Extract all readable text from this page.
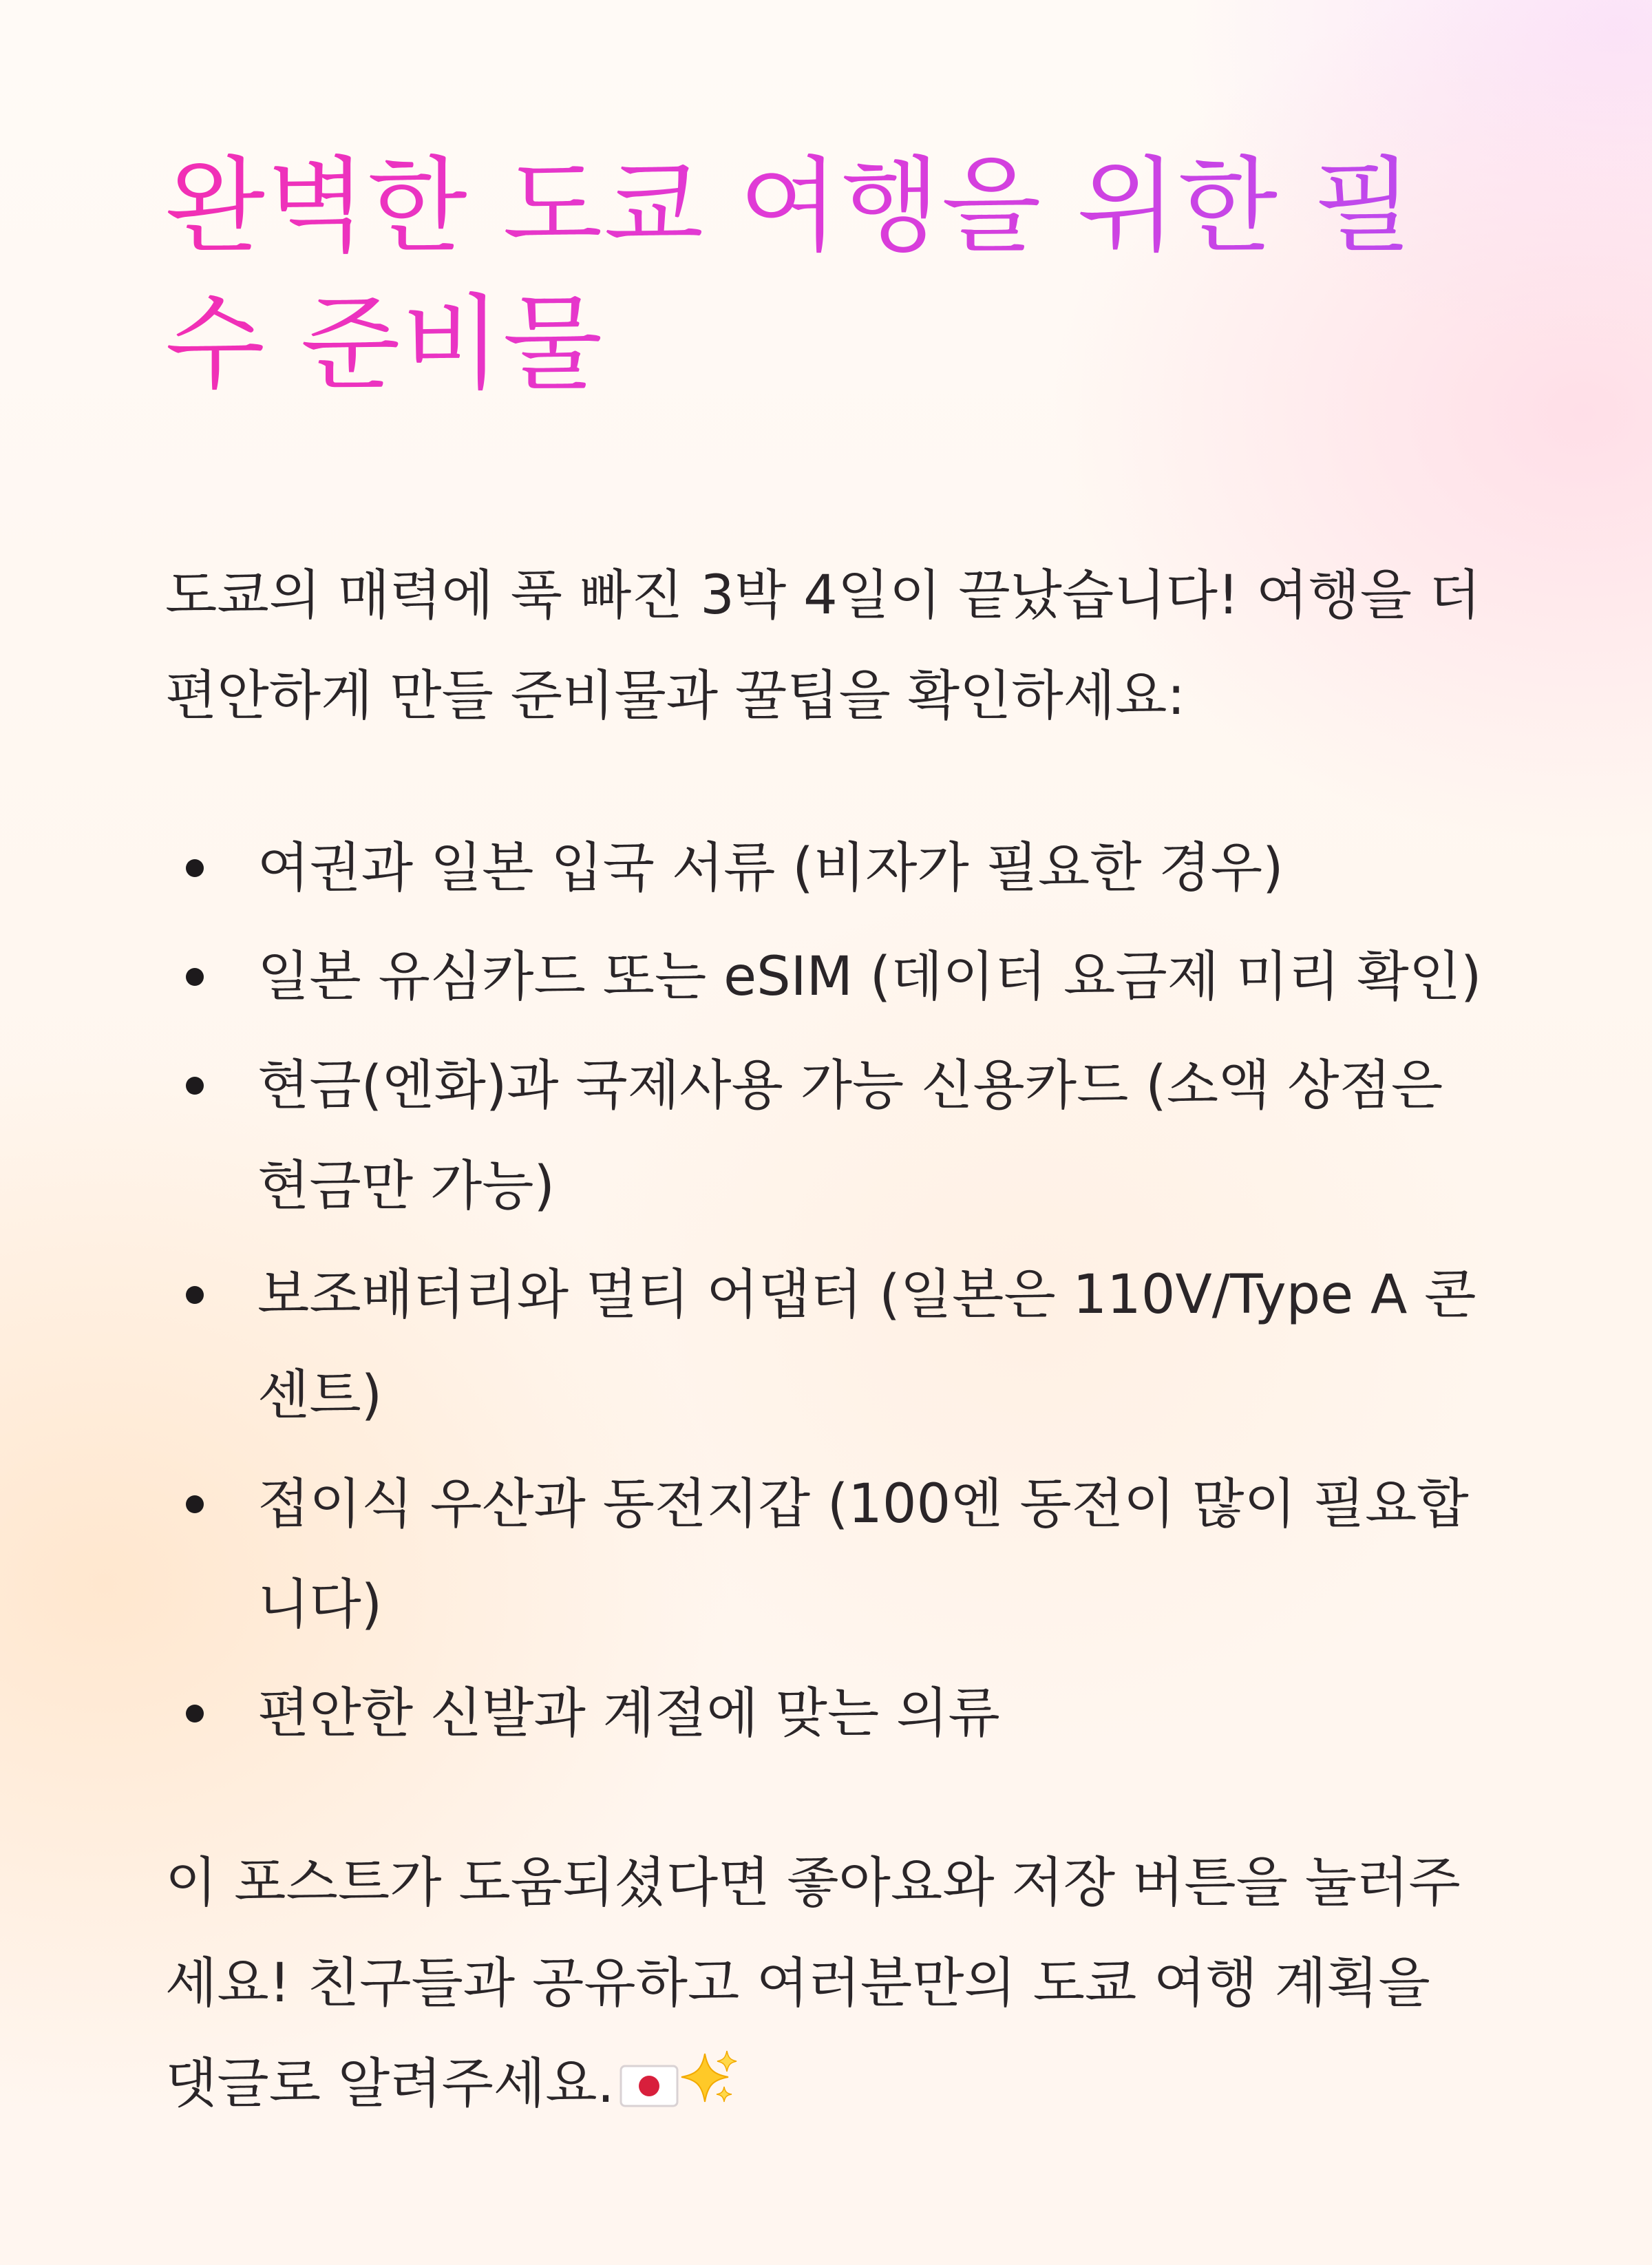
완벽한 도쿄 여행을 위한 필수 준비물

도쿄의 매력에 푹 빠진 3박 4일이 끝났습니다! 여행을 더 편안하게 만들 준비물과 꿀팁을 확인하세요:

여권과 일본 입국 서류 (비자가 필요한 경우)
일본 유심카드 또는 eSIM (데이터 요금제 미리 확인)
현금(엔화)과 국제사용 가능 신용카드 (소액 상점은 현금만 가능)
보조배터리와 멀티 어댑터 (일본은 110V/Type A 콘센트)
접이식 우산과 동전지갑 (100엔 동전이 많이 필요합니다)
편안한 신발과 계절에 맞는 의류

이 포스트가 도움되셨다면 좋아요와 저장 버튼을 눌러주세요! 친구들과 공유하고 여러분만의 도쿄 여행 계획을 댓글로 알려주세요.
